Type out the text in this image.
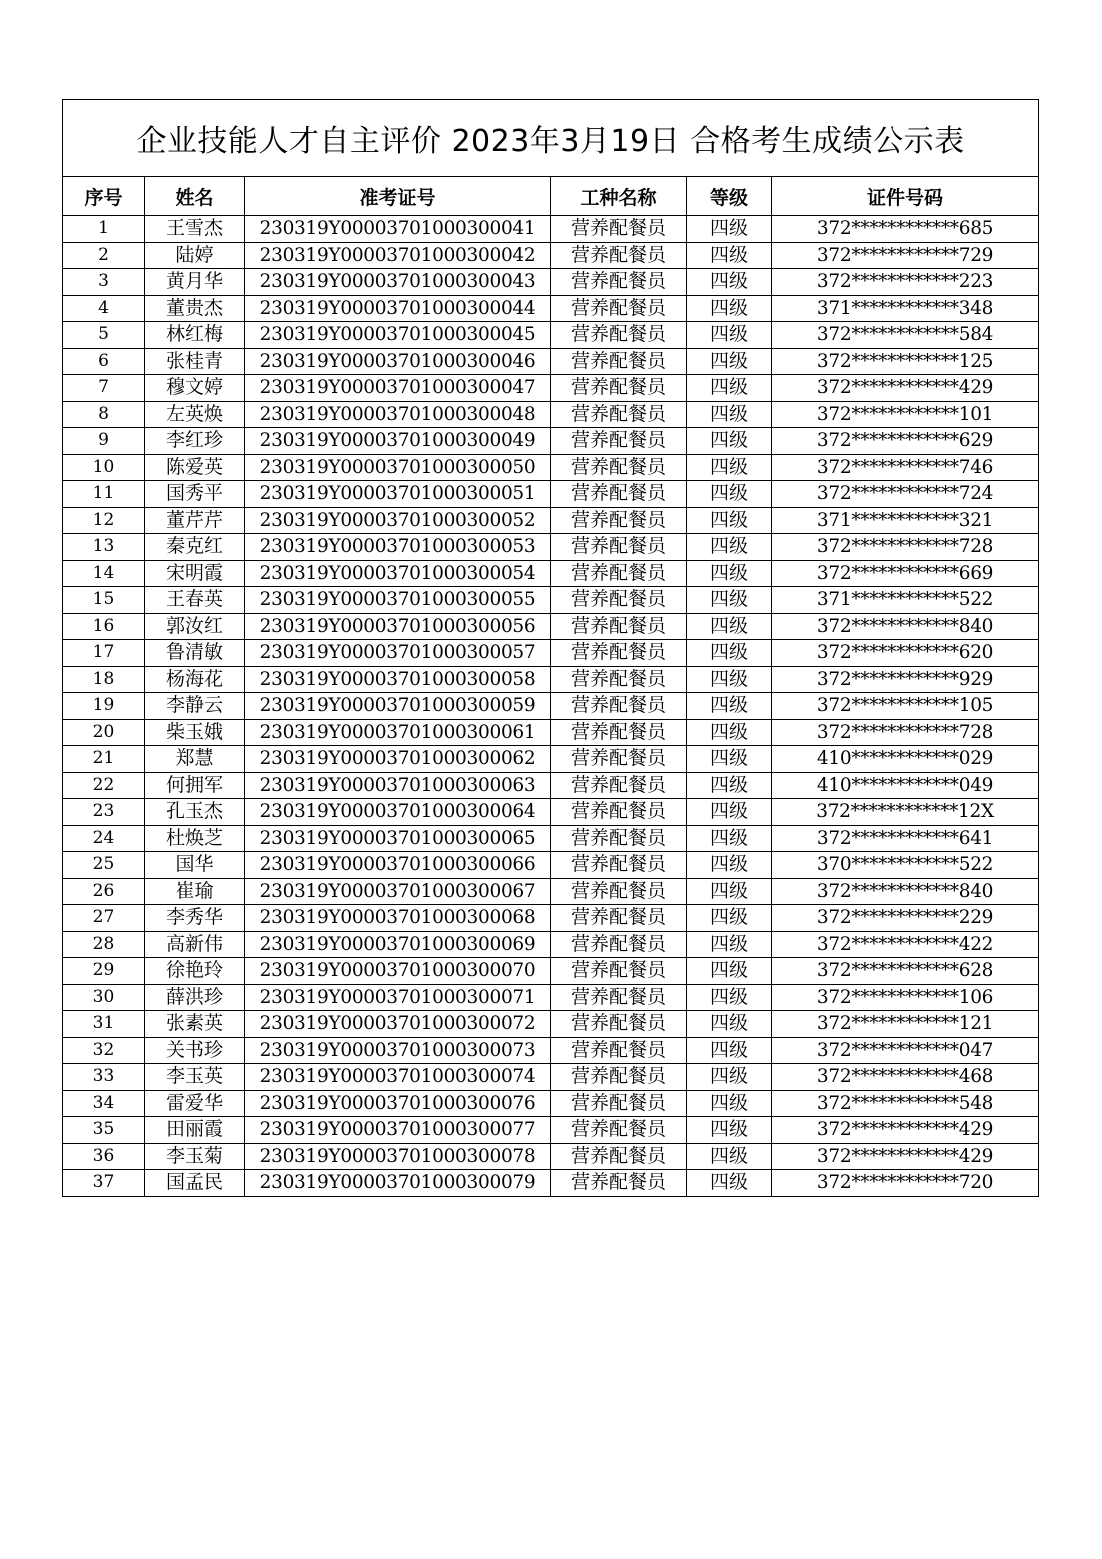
企业技能人才自主评价 2023年3月19日 合格考生成绩公示表					
序号	姓名	准考证号	工种名称	等级	证件号码
1	王雪杰	230319Y00003701000300041	营养配餐员	四级	372************685
2	陆婷	230319Y00003701000300042	营养配餐员	四级	372************729
3	黄月华	230319Y00003701000300043	营养配餐员	四级	372************223
4	董贵杰	230319Y00003701000300044	营养配餐员	四级	371************348
5	林红梅	230319Y00003701000300045	营养配餐员	四级	372************584
6	张桂青	230319Y00003701000300046	营养配餐员	四级	372************125
7	穆文婷	230319Y00003701000300047	营养配餐员	四级	372************429
8	左英焕	230319Y00003701000300048	营养配餐员	四级	372************101
9	李红珍	230319Y00003701000300049	营养配餐员	四级	372************629
10	陈爱英	230319Y00003701000300050	营养配餐员	四级	372************746
11	国秀平	230319Y00003701000300051	营养配餐员	四级	372************724
12	董芹芹	230319Y00003701000300052	营养配餐员	四级	371************321
13	秦克红	230319Y00003701000300053	营养配餐员	四级	372************728
14	宋明霞	230319Y00003701000300054	营养配餐员	四级	372************669
15	王春英	230319Y00003701000300055	营养配餐员	四级	371************522
16	郭汝红	230319Y00003701000300056	营养配餐员	四级	372************840
17	鲁清敏	230319Y00003701000300057	营养配餐员	四级	372************620
18	杨海花	230319Y00003701000300058	营养配餐员	四级	372************929
19	李静云	230319Y00003701000300059	营养配餐员	四级	372************105
20	柴玉娥	230319Y00003701000300061	营养配餐员	四级	372************728
21	郑慧	230319Y00003701000300062	营养配餐员	四级	410************029
22	何拥军	230319Y00003701000300063	营养配餐员	四级	410************049
23	孔玉杰	230319Y00003701000300064	营养配餐员	四级	372************12X
24	杜焕芝	230319Y00003701000300065	营养配餐员	四级	372************641
25	国华	230319Y00003701000300066	营养配餐员	四级	370************522
26	崔瑜	230319Y00003701000300067	营养配餐员	四级	372************840
27	李秀华	230319Y00003701000300068	营养配餐员	四级	372************229
28	高新伟	230319Y00003701000300069	营养配餐员	四级	372************422
29	徐艳玲	230319Y00003701000300070	营养配餐员	四级	372************628
30	薛洪珍	230319Y00003701000300071	营养配餐员	四级	372************106
31	张素英	230319Y00003701000300072	营养配餐员	四级	372************121
32	关书珍	230319Y00003701000300073	营养配餐员	四级	372************047
33	李玉英	230319Y00003701000300074	营养配餐员	四级	372************468
34	雷爱华	230319Y00003701000300076	营养配餐员	四级	372************548
35	田丽霞	230319Y00003701000300077	营养配餐员	四级	372************429
36	李玉菊	230319Y00003701000300078	营养配餐员	四级	372************429
37	国孟民	230319Y00003701000300079	营养配餐员	四级	372************720
